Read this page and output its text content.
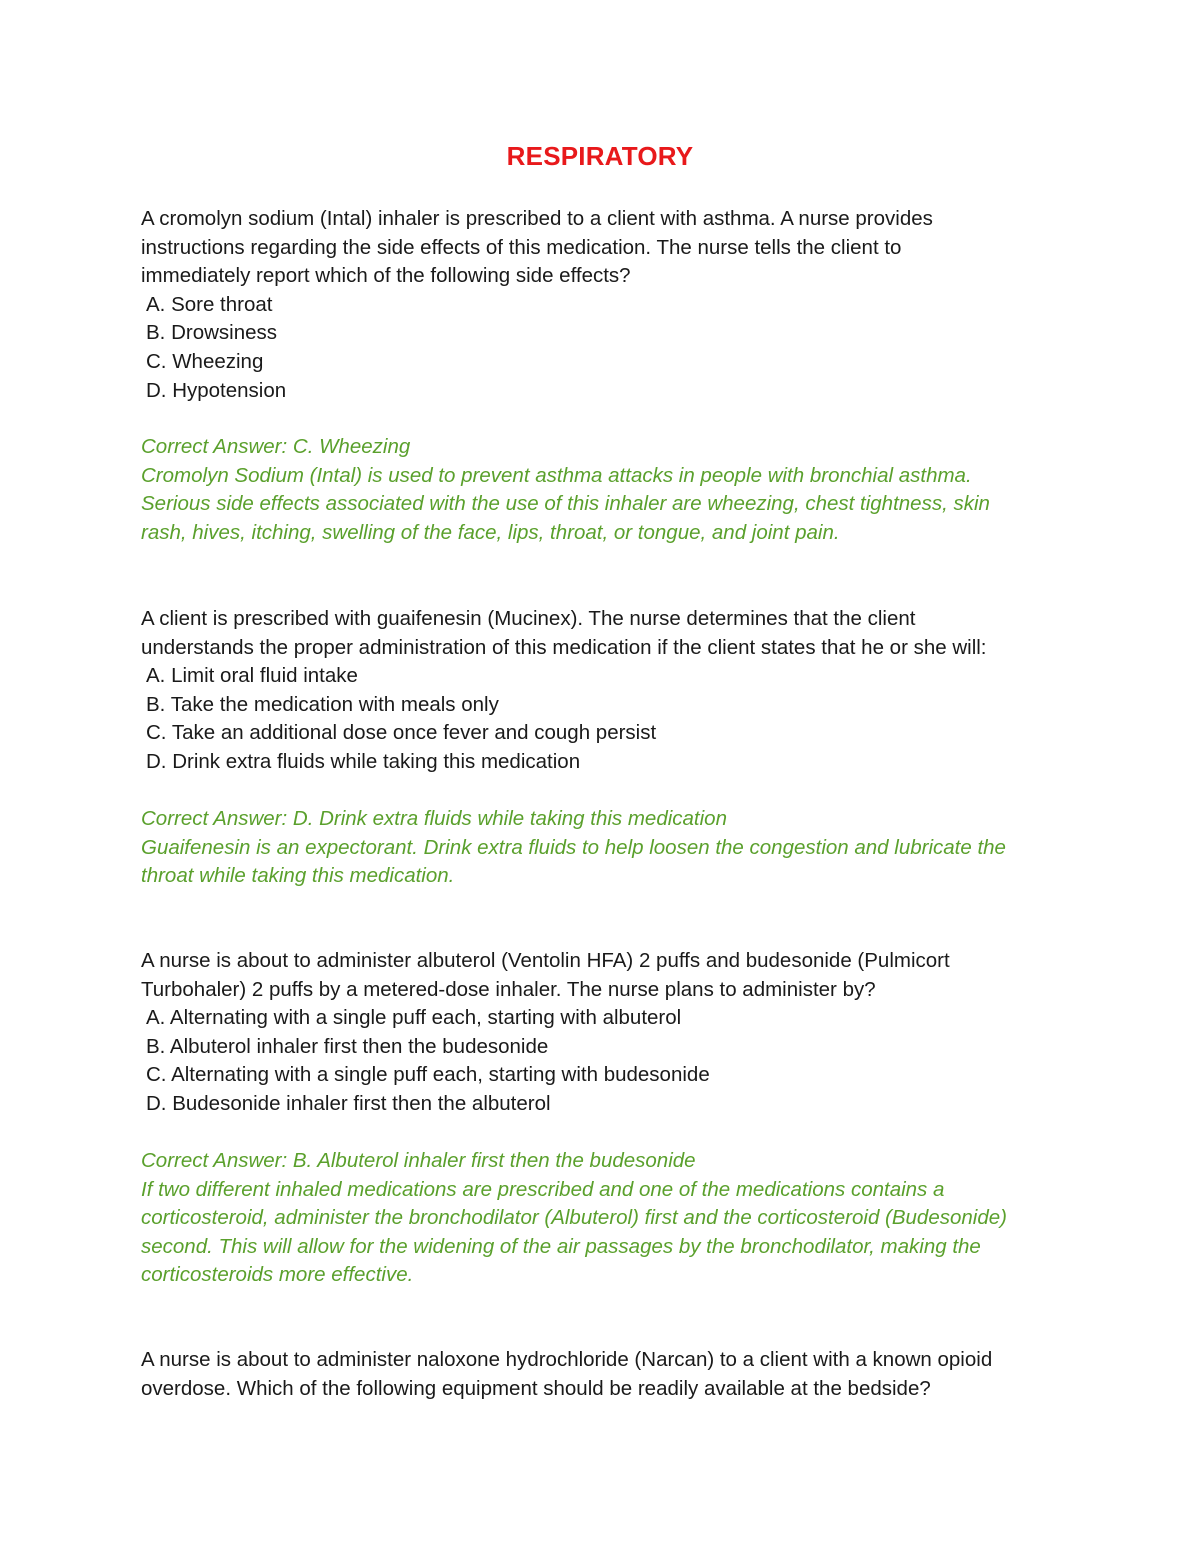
RESPIRATORY
A cromolyn sodium (Intal) inhaler is prescribed to a client with asthma. A nurse provides
instructions regarding the side effects of this medication. The nurse tells the client to
immediately report which of the following side effects?
A. Sore throat
B. Drowsiness
C. Wheezing
D. Hypotension
Correct Answer: C. Wheezing
Cromolyn Sodium (Intal) is used to prevent asthma attacks in people with bronchial asthma.
Serious side effects associated with the use of this inhaler are wheezing, chest tightness, skin
rash, hives, itching, swelling of the face, lips, throat, or tongue, and joint pain.
A client is prescribed with guaifenesin (Mucinex). The nurse determines that the client
understands the proper administration of this medication if the client states that he or she will:
A. Limit oral fluid intake
B. Take the medication with meals only
C. Take an additional dose once fever and cough persist
D. Drink extra fluids while taking this medication
Correct Answer: D. Drink extra fluids while taking this medication
Guaifenesin is an expectorant. Drink extra fluids to help loosen the congestion and lubricate the
throat while taking this medication.
A nurse is about to administer albuterol (Ventolin HFA) 2 puffs and budesonide (Pulmicort
Turbohaler) 2 puffs by a metered-dose inhaler. The nurse plans to administer by?
A. Alternating with a single puff each, starting with albuterol
B. Albuterol inhaler first then the budesonide
C. Alternating with a single puff each, starting with budesonide
D. Budesonide inhaler first then the albuterol
Correct Answer: B. Albuterol inhaler first then the budesonide
If two different inhaled medications are prescribed and one of the medications contains a
corticosteroid, administer the bronchodilator (Albuterol) first and the corticosteroid (Budesonide)
second. This will allow for the widening of the air passages by the bronchodilator, making the
corticosteroids more effective.
A nurse is about to administer naloxone hydrochloride (Narcan) to a client with a known opioid
overdose. Which of the following equipment should be readily available at the bedside?
